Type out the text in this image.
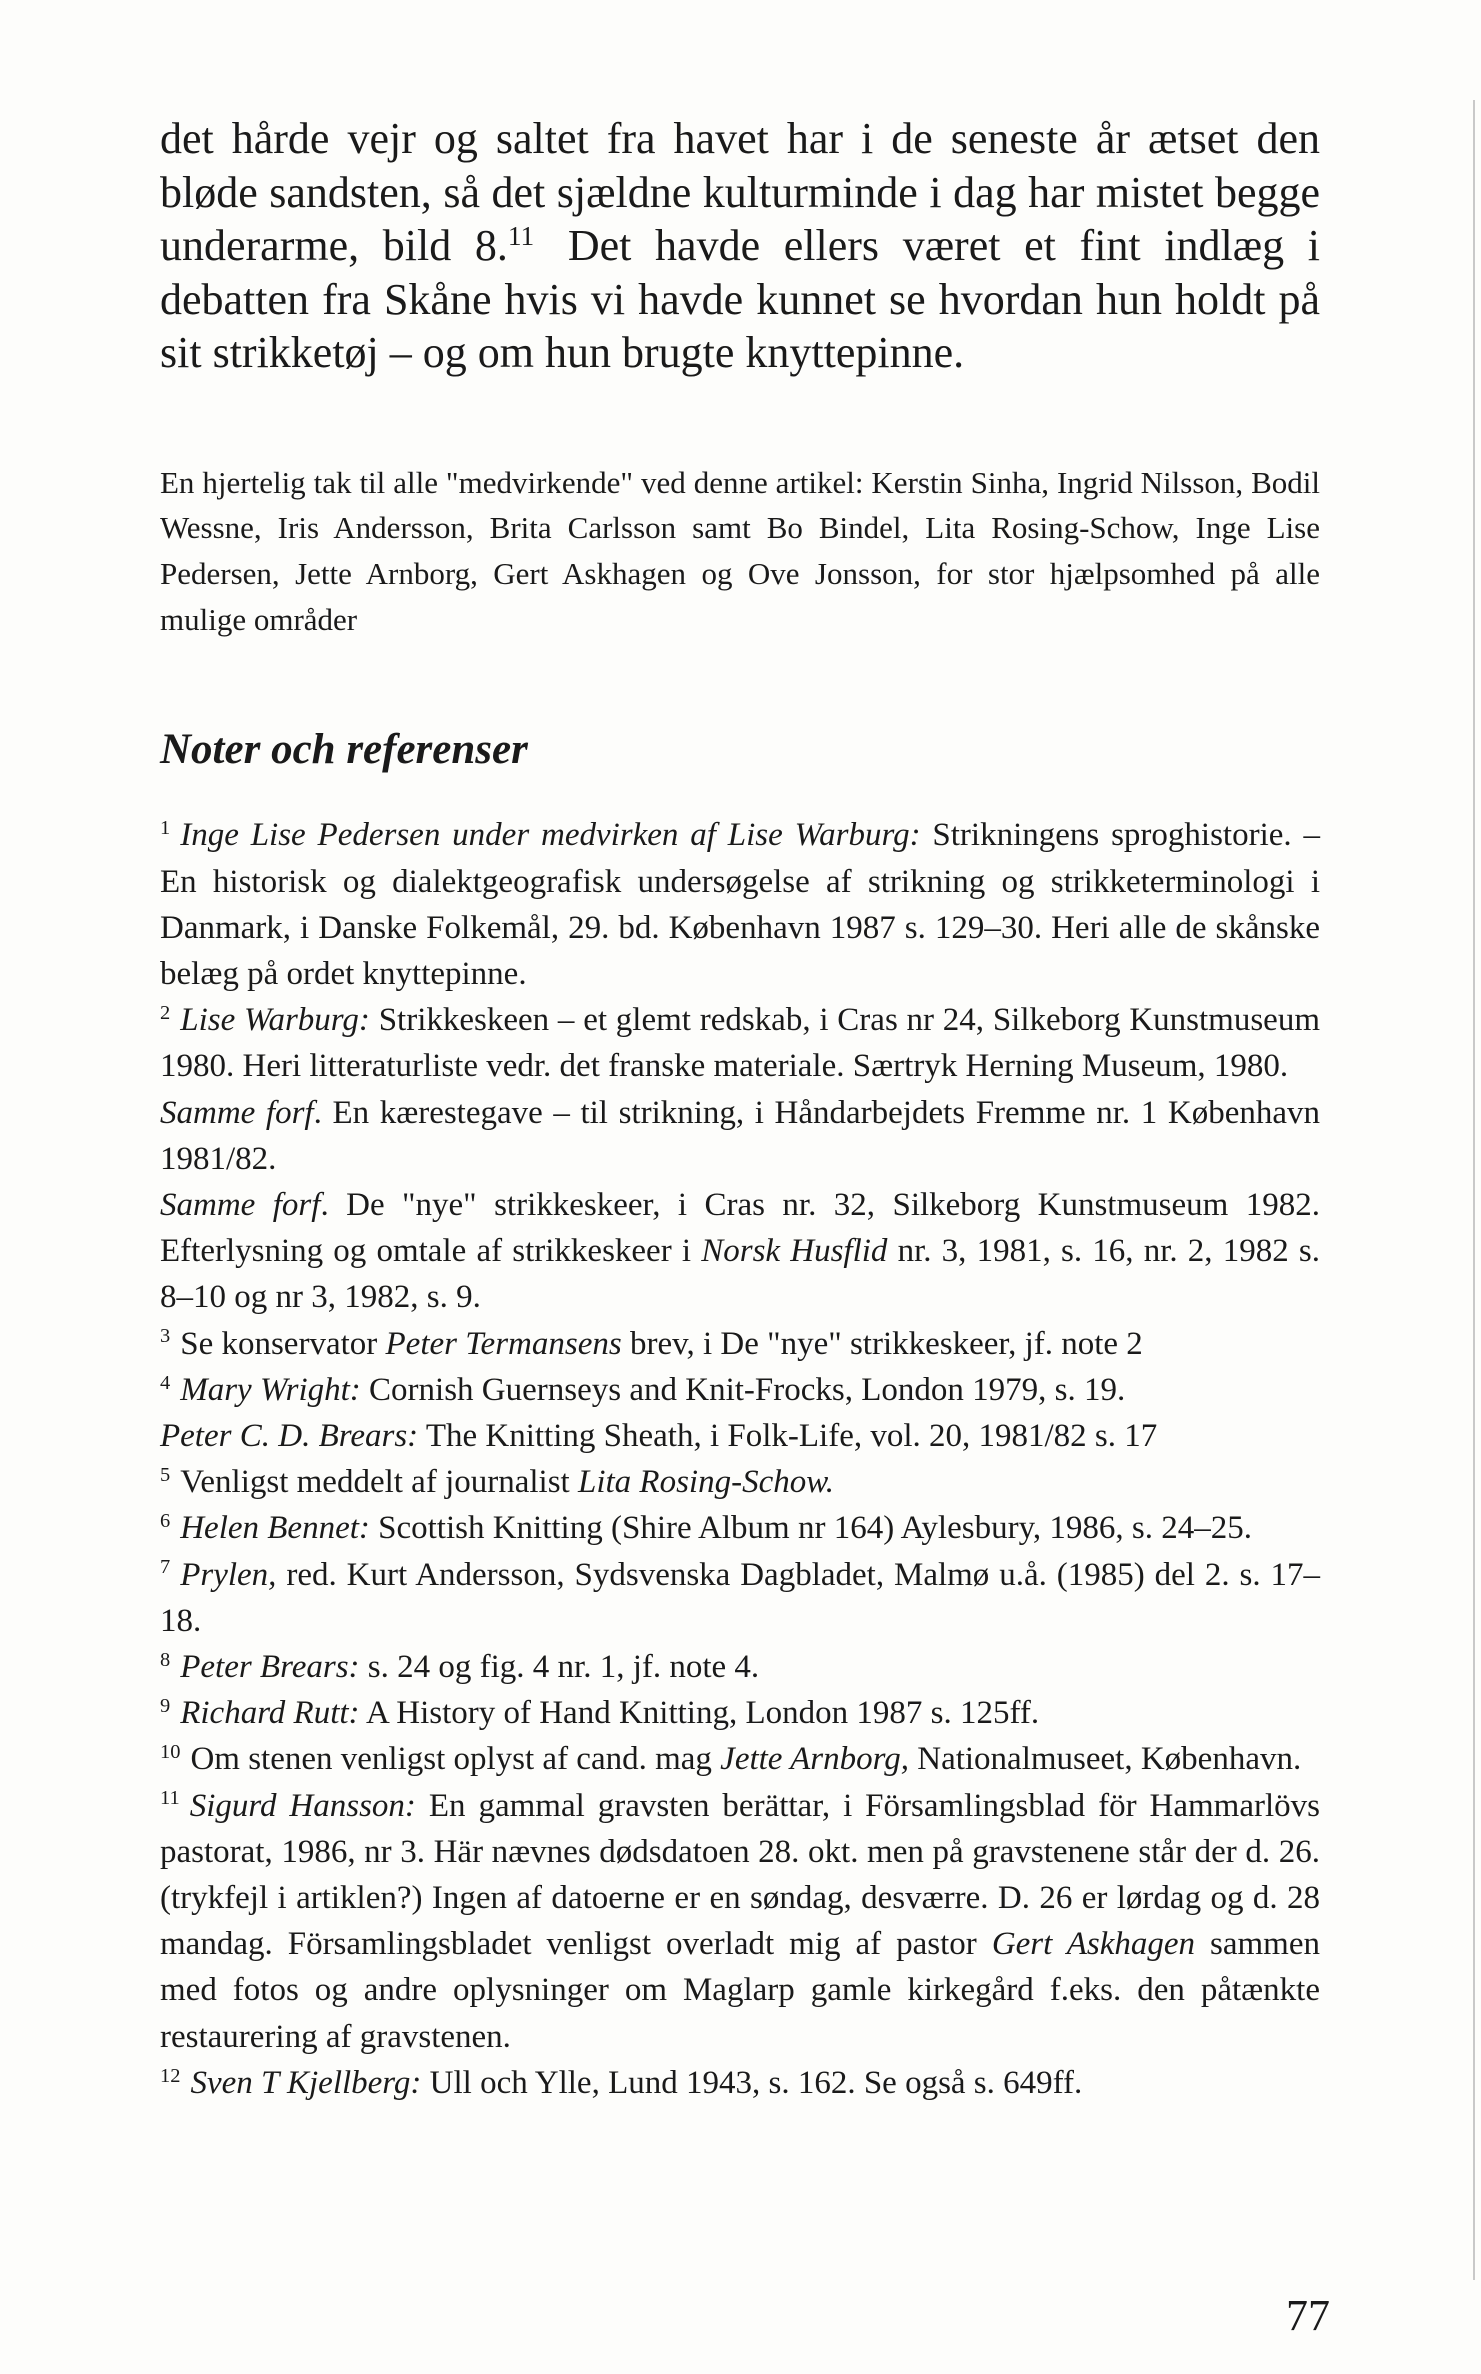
det hårde vejr og saltet fra havet har i de seneste år ætset den bløde sandsten, så det sjældne kulturminde i dag har mistet begge underarme, bild 8.11 Det havde ellers været et fint indlæg i debatten fra Skåne hvis vi havde kunnet se hvordan hun holdt på sit strikketøj – og om hun brugte knyttepinne.

En hjertelig tak til alle "medvirkende" ved denne artikel: Kerstin Sinha, Ingrid Nilsson, Bodil Wessne, Iris Andersson, Brita Carlsson samt Bo Bindel, Lita Rosing-Schow, Inge Lise Pedersen, Jette Arnborg, Gert Askhagen og Ove Jonsson, for stor hjælpsomhed på alle mulige områder

Noter och referenser

$^1$ Inge Lise Pedersen under medvirken af Lise Warburg: Strikningens sproghistorie. – En historisk og dialektgeografisk undersøgelse af strikning og strikketerminologi i Danmark, i Danske Folkemål, 29. bd. København 1987 s. 129–30. Heri alle de skånske belæg på ordet knyttepinne.

$^2$ Lise Warburg: Strikkeskeen – et glemt redskab, i Cras nr 24, Silkeborg Kunstmuseum 1980. Heri litteraturliste vedr. det franske materiale. Særtryk Herning Museum, 1980.

Samme forf. En kærestegave – til strikning, i Håndarbejdets Fremme nr. 1 København 1981/82.

Samme forf. De "nye" strikkeskeer, i Cras nr. 32, Silkeborg Kunstmuseum 1982. Efterlysning og omtale af strikkeskeer i Norsk Husflid nr. 3, 1981, s. 16, nr. 2, 1982 s. 8–10 og nr 3, 1982, s. 9.

$^3$ Se konservator Peter Termansens brev, i De "nye" strikkeskeer, jf. note 2

$^4$ Mary Wright: Cornish Guernseys and Knit-Frocks, London 1979, s. 19.

Peter C. D. Brears: The Knitting Sheath, i Folk-Life, vol. 20, 1981/82 s. 17

$^5$ Venligst meddelt af journalist Lita Rosing-Schow.

$^6$ Helen Bennet: Scottish Knitting (Shire Album nr 164) Aylesbury, 1986, s. 24–25.

$^7$ Prylen, red. Kurt Andersson, Sydsvenska Dagbladet, Malmø u.å. (1985) del 2. s. 17–18.

$^8$ Peter Brears: s. 24 og fig. 4 nr. 1, jf. note 4.

$^9$ Richard Rutt: A History of Hand Knitting, London 1987 s. 125ff.

$^{10}$ Om stenen venligst oplyst af cand. mag Jette Arnborg, Nationalmuseet, København.

$^{11}$ Sigurd Hansson: En gammal gravsten berättar, i Församlingsblad för Hammarlövs pastorat, 1986, nr 3. Här nævnes dødsdatoen 28. okt. men på gravstenene står der d. 26. (trykfejl i artiklen?) Ingen af datoerne er en søndag, desværre. D. 26 er lørdag og d. 28 mandag. Församlingsbladet venligst overladt mig af pastor Gert Askhagen sammen med fotos og andre oplysninger om Maglarp gamle kirkegård f.eks. den påtænkte restaurering af gravstenen.

$^{12}$ Sven T Kjellberg: Ull och Ylle, Lund 1943, s. 162. Se også s. 649ff.

77
